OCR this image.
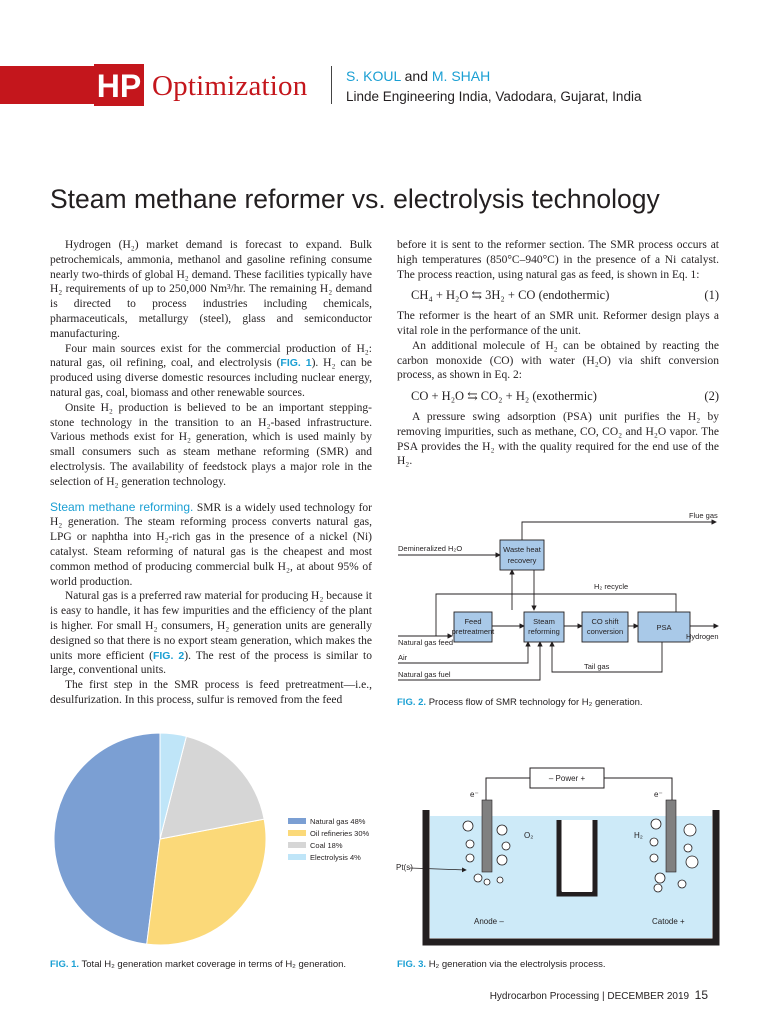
HP Optimization	S. KOUL and M. SHAH
Linde Engineering India, Vadodara, Gujarat, India
Steam methane reformer vs. electrolysis technology

Hydrogen (H₂) market demand is forecast to expand. Bulk petrochemicals, ammonia, methanol and gasoline refining consume nearly two-thirds of global H₂ demand. These facilities typically have H₂ requirements of up to 250,000 Nm³/hr. The remaining H₂ demand is directed to process industries including chemicals, pharmaceuticals, metallurgy (steel), glass and semiconductor manufacturing.

Four main sources exist for the commercial production of H₂: natural gas, oil refining, coal, and electrolysis (FIG. 1). H₂ can be produced using diverse domestic resources including nuclear energy, natural gas, coal, biomass and other renewable sources.

Onsite H₂ production is believed to be an important stepping-stone technology in the transition to an H₂-based infrastructure. Various methods exist for H₂ generation, which is used mainly by small consumers such as steam methane reforming (SMR) and electrolysis. The availability of feedstock plays a major role in the selection of H₂ generation technology.

Steam methane reforming. SMR is a widely used technology for H₂ generation. The steam reforming process converts natural gas, LPG or naphtha into H₂-rich gas in the presence of a nickel (Ni) catalyst. Steam reforming of natural gas is the cheapest and most common method of producing commercial bulk H₂, at about 95% of world production.

Natural gas is a preferred raw material for producing H₂ because it is easy to handle, it has few impurities and the efficiency of the plant is higher. For small H₂ consumers, H₂ generation units are generally designed so that there is no export steam generation, which makes the units more efficient (FIG. 2). The rest of the process is similar to large, conventional units.

The first step in the SMR process is feed pretreatment—i.e., desulfurization. In this process, sulfur is removed from the feed

before it is sent to the reformer section. The SMR process occurs at high temperatures (850°C–940°C) in the presence of a Ni catalyst. The process reaction, using natural gas as feed, is shown in Eq. 1:

CH₄ + H₂O ⇆ 3H₂ + CO (endothermic)	(1)

The reformer is the heart of an SMR unit. Reformer design plays a vital role in the performance of the unit.

An additional molecule of H₂ can be obtained by reacting the carbon monoxide (CO) with water (H₂O) via shift conversion process, as shown in Eq. 2:

CO + H₂O ⇆ CO₂ + H₂ (exothermic)	(2)

A pressure swing adsorption (PSA) unit purifies the H₂ by removing impurities, such as methane, CO, CO₂ and H₂O vapor. The PSA provides the H₂ with the quality required for the end use of the H₂.

Natural gas 48%
Oil refineries 30%
Coal 18%
Electrolysis 4%
FIG. 1. Total H₂ generation market coverage in terms of H₂ generation.
Flue gas
Demineralized H₂O	Waste heat
recovery
H₂ recycle
Feed
pretreatment
Steam
reforming
CO shift
conversion	PSA
Natural gas feed
Hydrogen
Air
Tail gas
Natural gas fuel
FIG. 2. Process flow of SMR technology for H₂ generation.
– Power +
e⁻	e⁻
O₂	H₂
Pt(s)
Anode –	Catode +
FIG. 3. H₂ generation via the electrolysis process.
Hydrocarbon Processing | DECEMBER 2019 15
